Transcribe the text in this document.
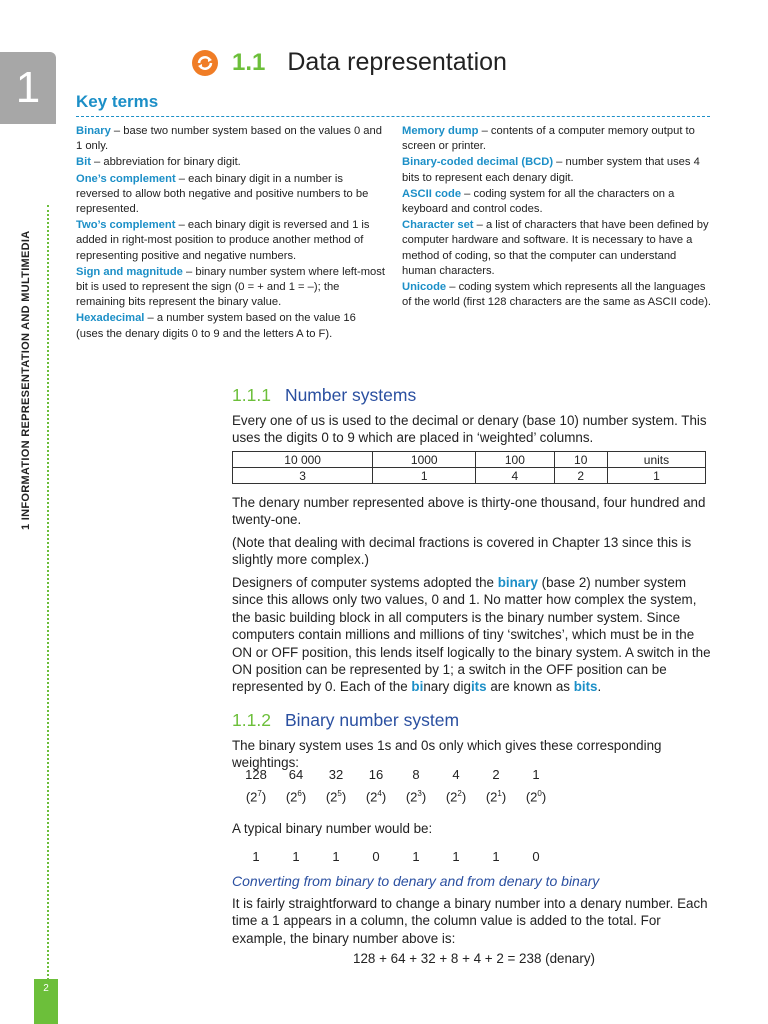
1
1 INFORMATION REPRESENTATION AND MULTIMEDIA
2
1.1 Data representation
Key terms

Binary – base two number system based on the values 0 and 1 only.

Bit – abbreviation for binary digit.

One’s complement – each binary digit in a number is reversed to allow both negative and positive numbers to be represented.

Two’s complement – each binary digit is reversed and 1 is added in right-most position to produce another method of representing positive and negative numbers.

Sign and magnitude – binary number system where left-most bit is used to represent the sign (0 = + and 1 = –); the remaining bits represent the binary value.

Hexadecimal – a number system based on the value 16 (uses the denary digits 0 to 9 and the letters A to F).

Memory dump – contents of a computer memory output to screen or printer.

Binary-coded decimal (BCD) – number system that uses 4 bits to represent each denary digit.

ASCII code – coding system for all the characters on a keyboard and control codes.

Character set – a list of characters that have been defined by computer hardware and software. It is necessary to have a method of coding, so that the computer can understand human characters.

Unicode – coding system which represents all the languages of the world (first 128 characters are the same as ASCII code).

1.1.1 Number systems

Every one of us is used to the decimal or denary (base 10) number system. This uses the digits 0 to 9 which are placed in ‘weighted’ columns.

10 000	1000	100	10	units
3	1	4	2	1

The denary number represented above is thirty-one thousand, four hundred and twenty-one.

(Note that dealing with decimal fractions is covered in Chapter 13 since this is slightly more complex.)

Designers of computer systems adopted the binary (base 2) number system since this allows only two values, 0 and 1. No matter how complex the system, the basic building block in all computers is the binary number system. Since computers contain millions and millions of tiny ‘switches’, which must be in the ON or OFF position, this lends itself logically to the binary system. A switch in the ON position can be represented by 1; a switch in the OFF position can be represented by 0. Each of the binary digits are known as bits.

1.1.2 Binary number system

The binary system uses 1s and 0s only which gives these corresponding weightings:

128 64 32 16 8	4	2	1
$(2^7)$ $(2^6)$ $(2^5)$ $(2^4)$ $(2^3)$ $(2^2)$ $(2^1)$ $(2^0)$

A typical binary number would be:

1	1	1	0	1	1	1	0

Converting from binary to denary and from denary to binary

It is fairly straightforward to change a binary number into a denary number. Each time a 1 appears in a column, the column value is added to the total. For example, the binary number above is:

128 + 64 + 32 + 8 + 4 + 2 = 238 (denary)
